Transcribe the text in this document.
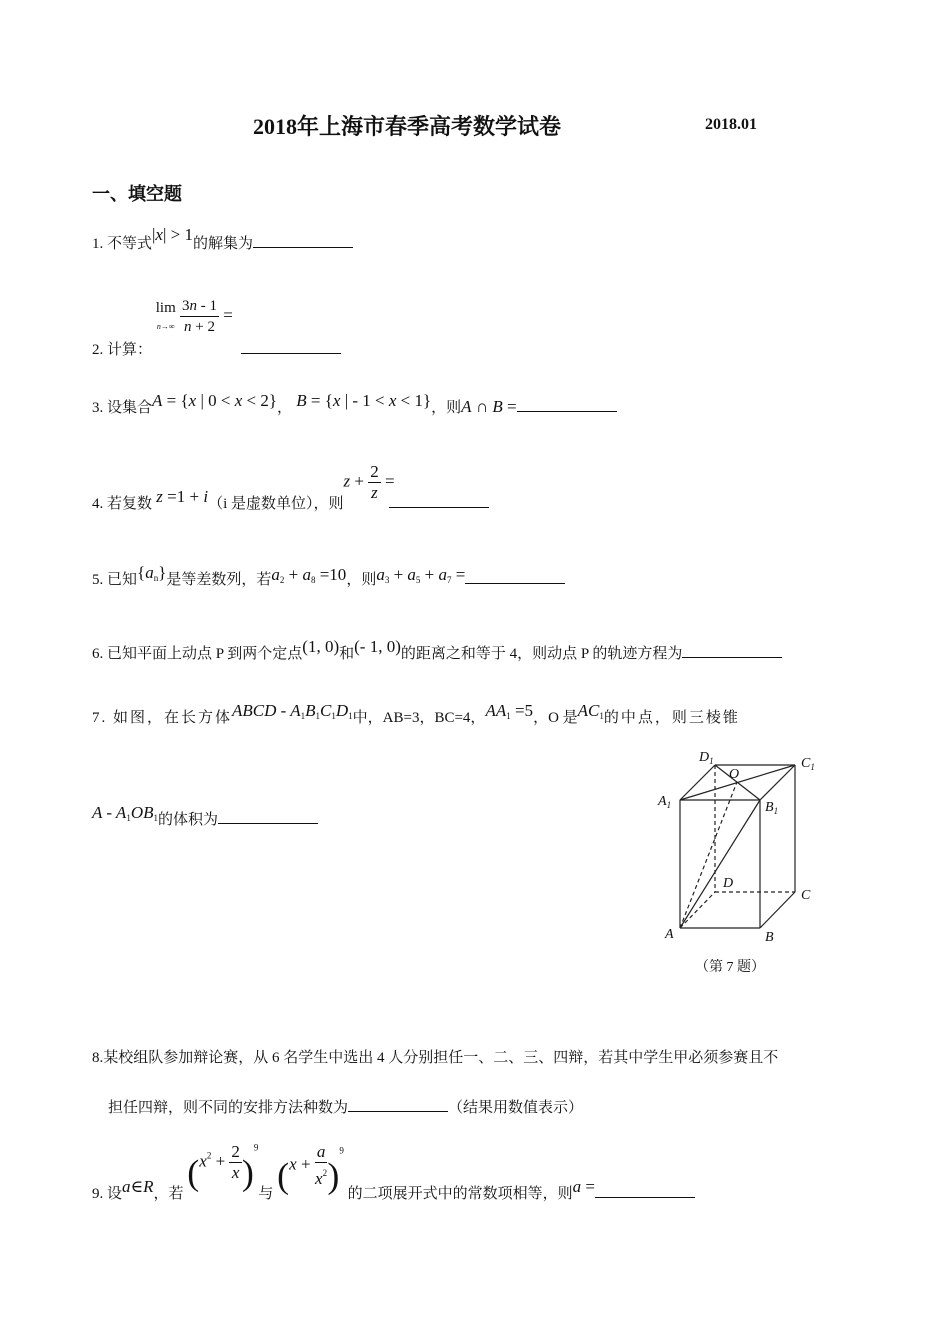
2018年上海市春季高考数学试卷	2018.01
一、填空题
1. 不等式|x| > 1的解集为
2. 计算： lim
$n\to\infty \frac{3n - 1}{n + 2}$ =
3. 设集合A = {x | 0 < x < 2}， B = {x | - 1 < x < 1}，则A ∩ B =
4. 若复数 z =1 + i（i 是虚数单位），则$z + \frac{2}{z}$ =
5. 已知$\{a_n\}$是等差数列，若$a_2 + a_8 =10$，则$a_3 + a_5 + a_7$ =
6. 已知平面上动点 P 到两个定点(1, 0)和(- 1, 0)的距离之和等于 4，则动点 P 的轨迹方程为
7. 如图，在长方体ABCD - $A_1B_1C_1D_1$中，AB=3，BC=4，$AA_1 =5$，O 是$AC_1$的中点，则三棱锥
A - $A_1OB_1$的体积为
$D_1$
O
$C_1$
$A_1$	$B_1$
D
C
A	B
（第 7 题）
8.某校组队参加辩论赛，从 6 名学生中选出 4 人分别担任一、二、三、四辩，若其中学生甲必须参赛且不
担任四辩，则不同的安排方法种数为	（结果用数值表示）
9. 设a∈R，若 $(x^2 + \frac{2}{x} )^9$与 $(x + \frac{a}{x^2} )^9$ 的二项展开式中的常数项相等，则a =
